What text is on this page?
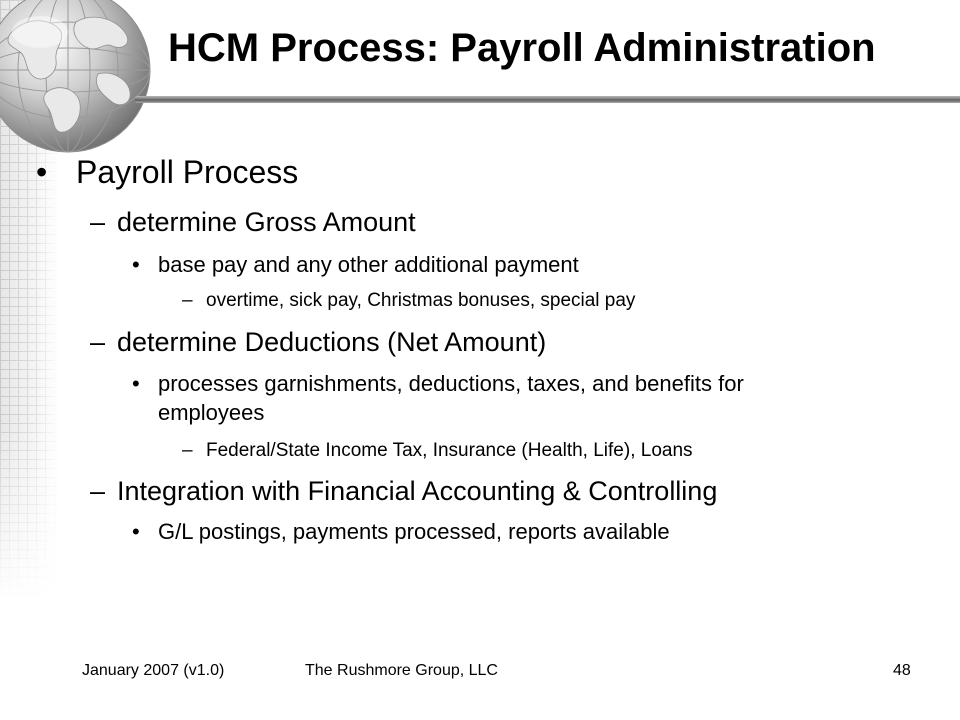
HCM Process: Payroll Administration
• Payroll Process
– determine Gross Amount
• base pay and any other additional payment
– overtime, sick pay, Christmas bonuses, special pay
– determine Deductions (Net Amount)
• processes garnishments, deductions, taxes, and benefits for
employees
– Federal/State Income Tax, Insurance (Health, Life), Loans
– Integration with Financial Accounting & Controlling
• G/L postings, payments processed, reports available
January 2007 (v1.0)	The Rushmore Group, LLC	48
